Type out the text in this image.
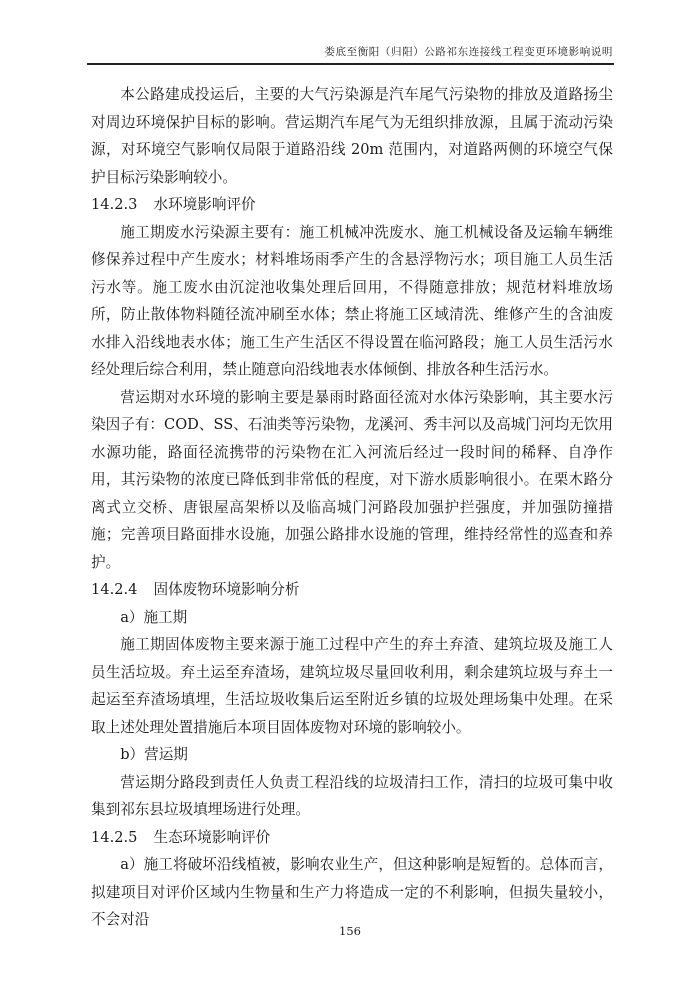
娄底至衡阳（归阳）公路祁东连接线工程变更环境影响说明

本公路建成投运后，主要的大气污染源是汽车尾气污染物的排放及道路扬尘对周边环境保护目标的影响。营运期汽车尾气为无组织排放源，且属于流动污染源，对环境空气影响仅局限于道路沿线 20m 范围内，对道路两侧的环境空气保护目标污染影响较小。

14.2.3 水环境影响评价

施工期废水污染源主要有：施工机械冲洗废水、施工机械设备及运输车辆维修保养过程中产生废水；材料堆场雨季产生的含悬浮物污水；项目施工人员生活污水等。施工废水由沉淀池收集处理后回用，不得随意排放；规范材料堆放场所，防止散体物料随径流冲刷至水体；禁止将施工区域清洗、维修产生的含油废水排入沿线地表水体；施工生产生活区不得设置在临河路段；施工人员生活污水经处理后综合利用，禁止随意向沿线地表水体倾倒、排放各种生活污水。

营运期对水环境的影响主要是暴雨时路面径流对水体污染影响，其主要水污染因子有：COD、SS、石油类等污染物，龙溪河、秀丰河以及高城门河均无饮用水源功能，路面径流携带的污染物在汇入河流后经过一段时间的稀释、自净作用，其污染物的浓度已降低到非常低的程度，对下游水质影响很小。在栗木路分离式立交桥、唐银屋高架桥以及临高城门河路段加强护拦强度，并加强防撞措施；完善项目路面排水设施，加强公路排水设施的管理，维持经常性的巡查和养护。

14.2.4 固体废物环境影响分析

a）施工期

施工期固体废物主要来源于施工过程中产生的弃土弃渣、建筑垃圾及施工人员生活垃圾。弃土运至弃渣场，建筑垃圾尽量回收利用，剩余建筑垃圾与弃土一起运至弃渣场填埋，生活垃圾收集后运至附近乡镇的垃圾处理场集中处理。在采取上述处理处置措施后本项目固体废物对环境的影响较小。

b）营运期

营运期分路段到责任人负责工程沿线的垃圾清扫工作，清扫的垃圾可集中收集到祁东县垃圾填埋场进行处理。

14.2.5 生态环境影响评价

a）施工将破坏沿线植被，影响农业生产，但这种影响是短暂的。总体而言，拟建项目对评价区域内生物量和生产力将造成一定的不利影响，但损失量较小，不会对沿

156
